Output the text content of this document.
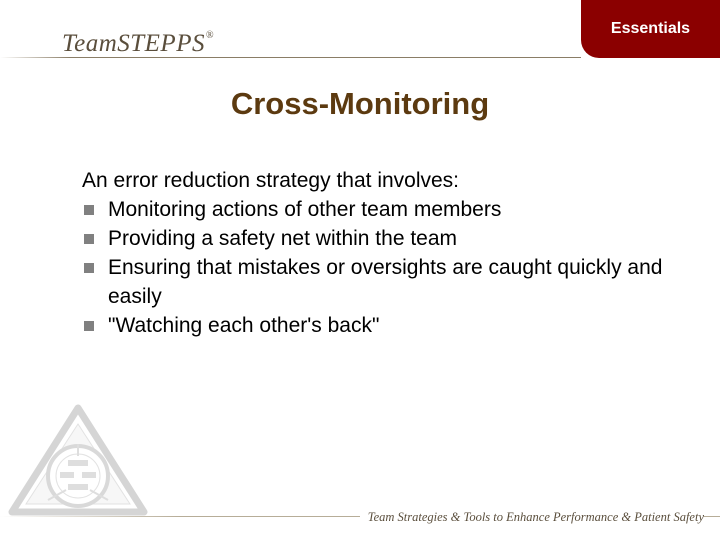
TeamSTEPPS®	Essentials
Cross-Monitoring

An error reduction strategy that involves:

Monitoring actions of other team members
Providing a safety net within the team
Ensuring that mistakes or oversights are caught quickly and easily
"Watching each other's back"
Team Strategies & Tools to Enhance Performance & Patient Safety
